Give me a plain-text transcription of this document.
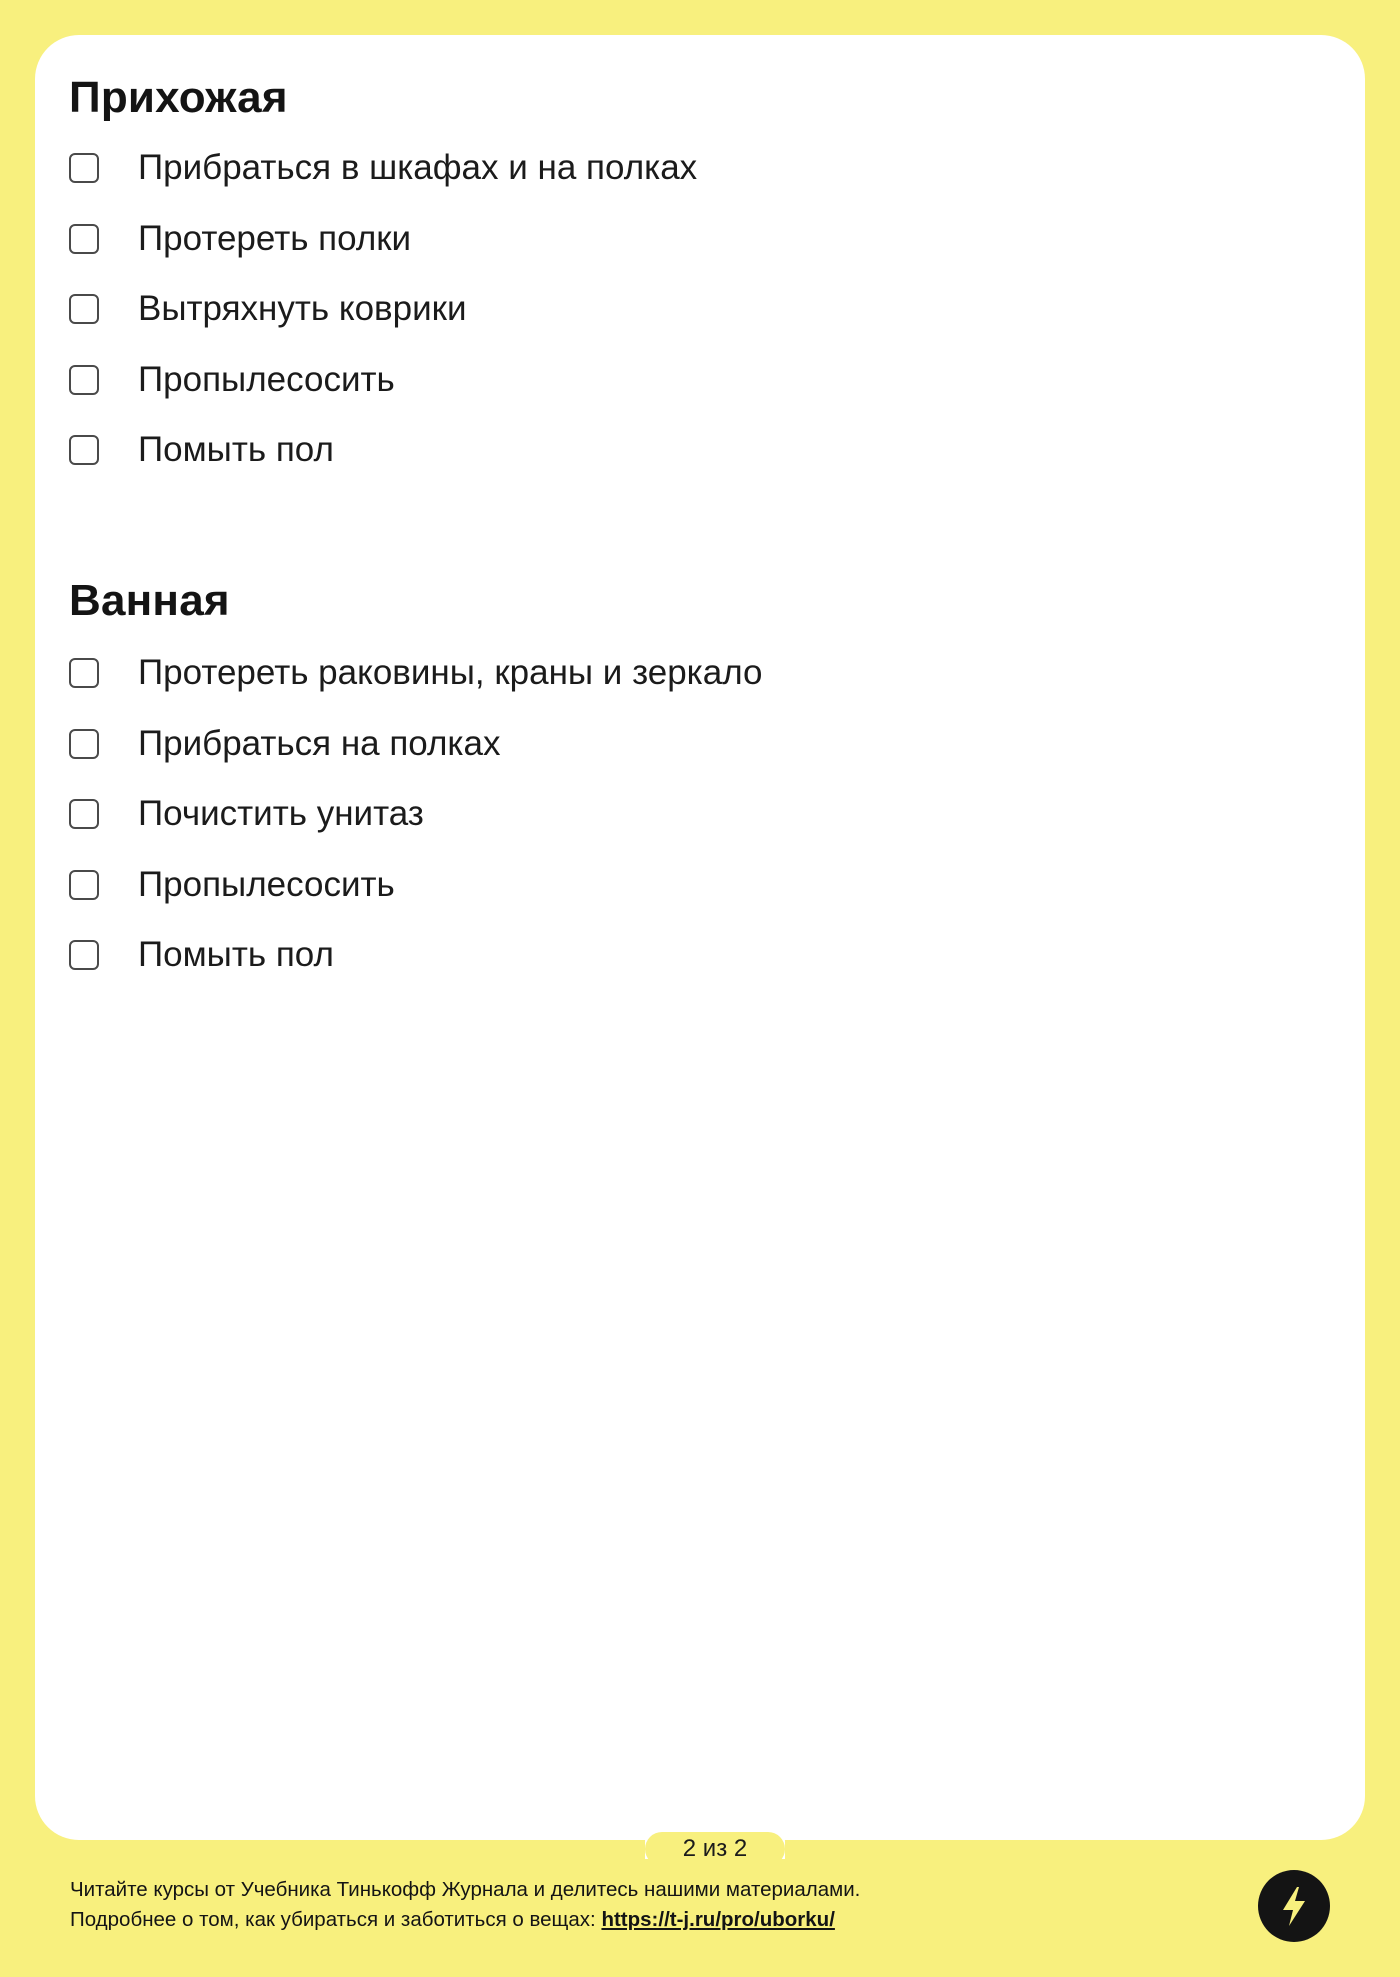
Прихожая
Прибраться в шкафах и на полках
Протереть полки
Вытряхнуть коврики
Пропылесосить
Помыть пол
Ванная
Протереть раковины, краны и зеркало
Прибраться на полках
Почистить унитаз
Пропылесосить
Помыть пол
2 из 2
Читайте курсы от Учебника Тинькофф Журнала и делитесь нашими материалами.
Подробнее о том, как убираться и заботиться о вещах: https://t-j.ru/pro/uborku/
